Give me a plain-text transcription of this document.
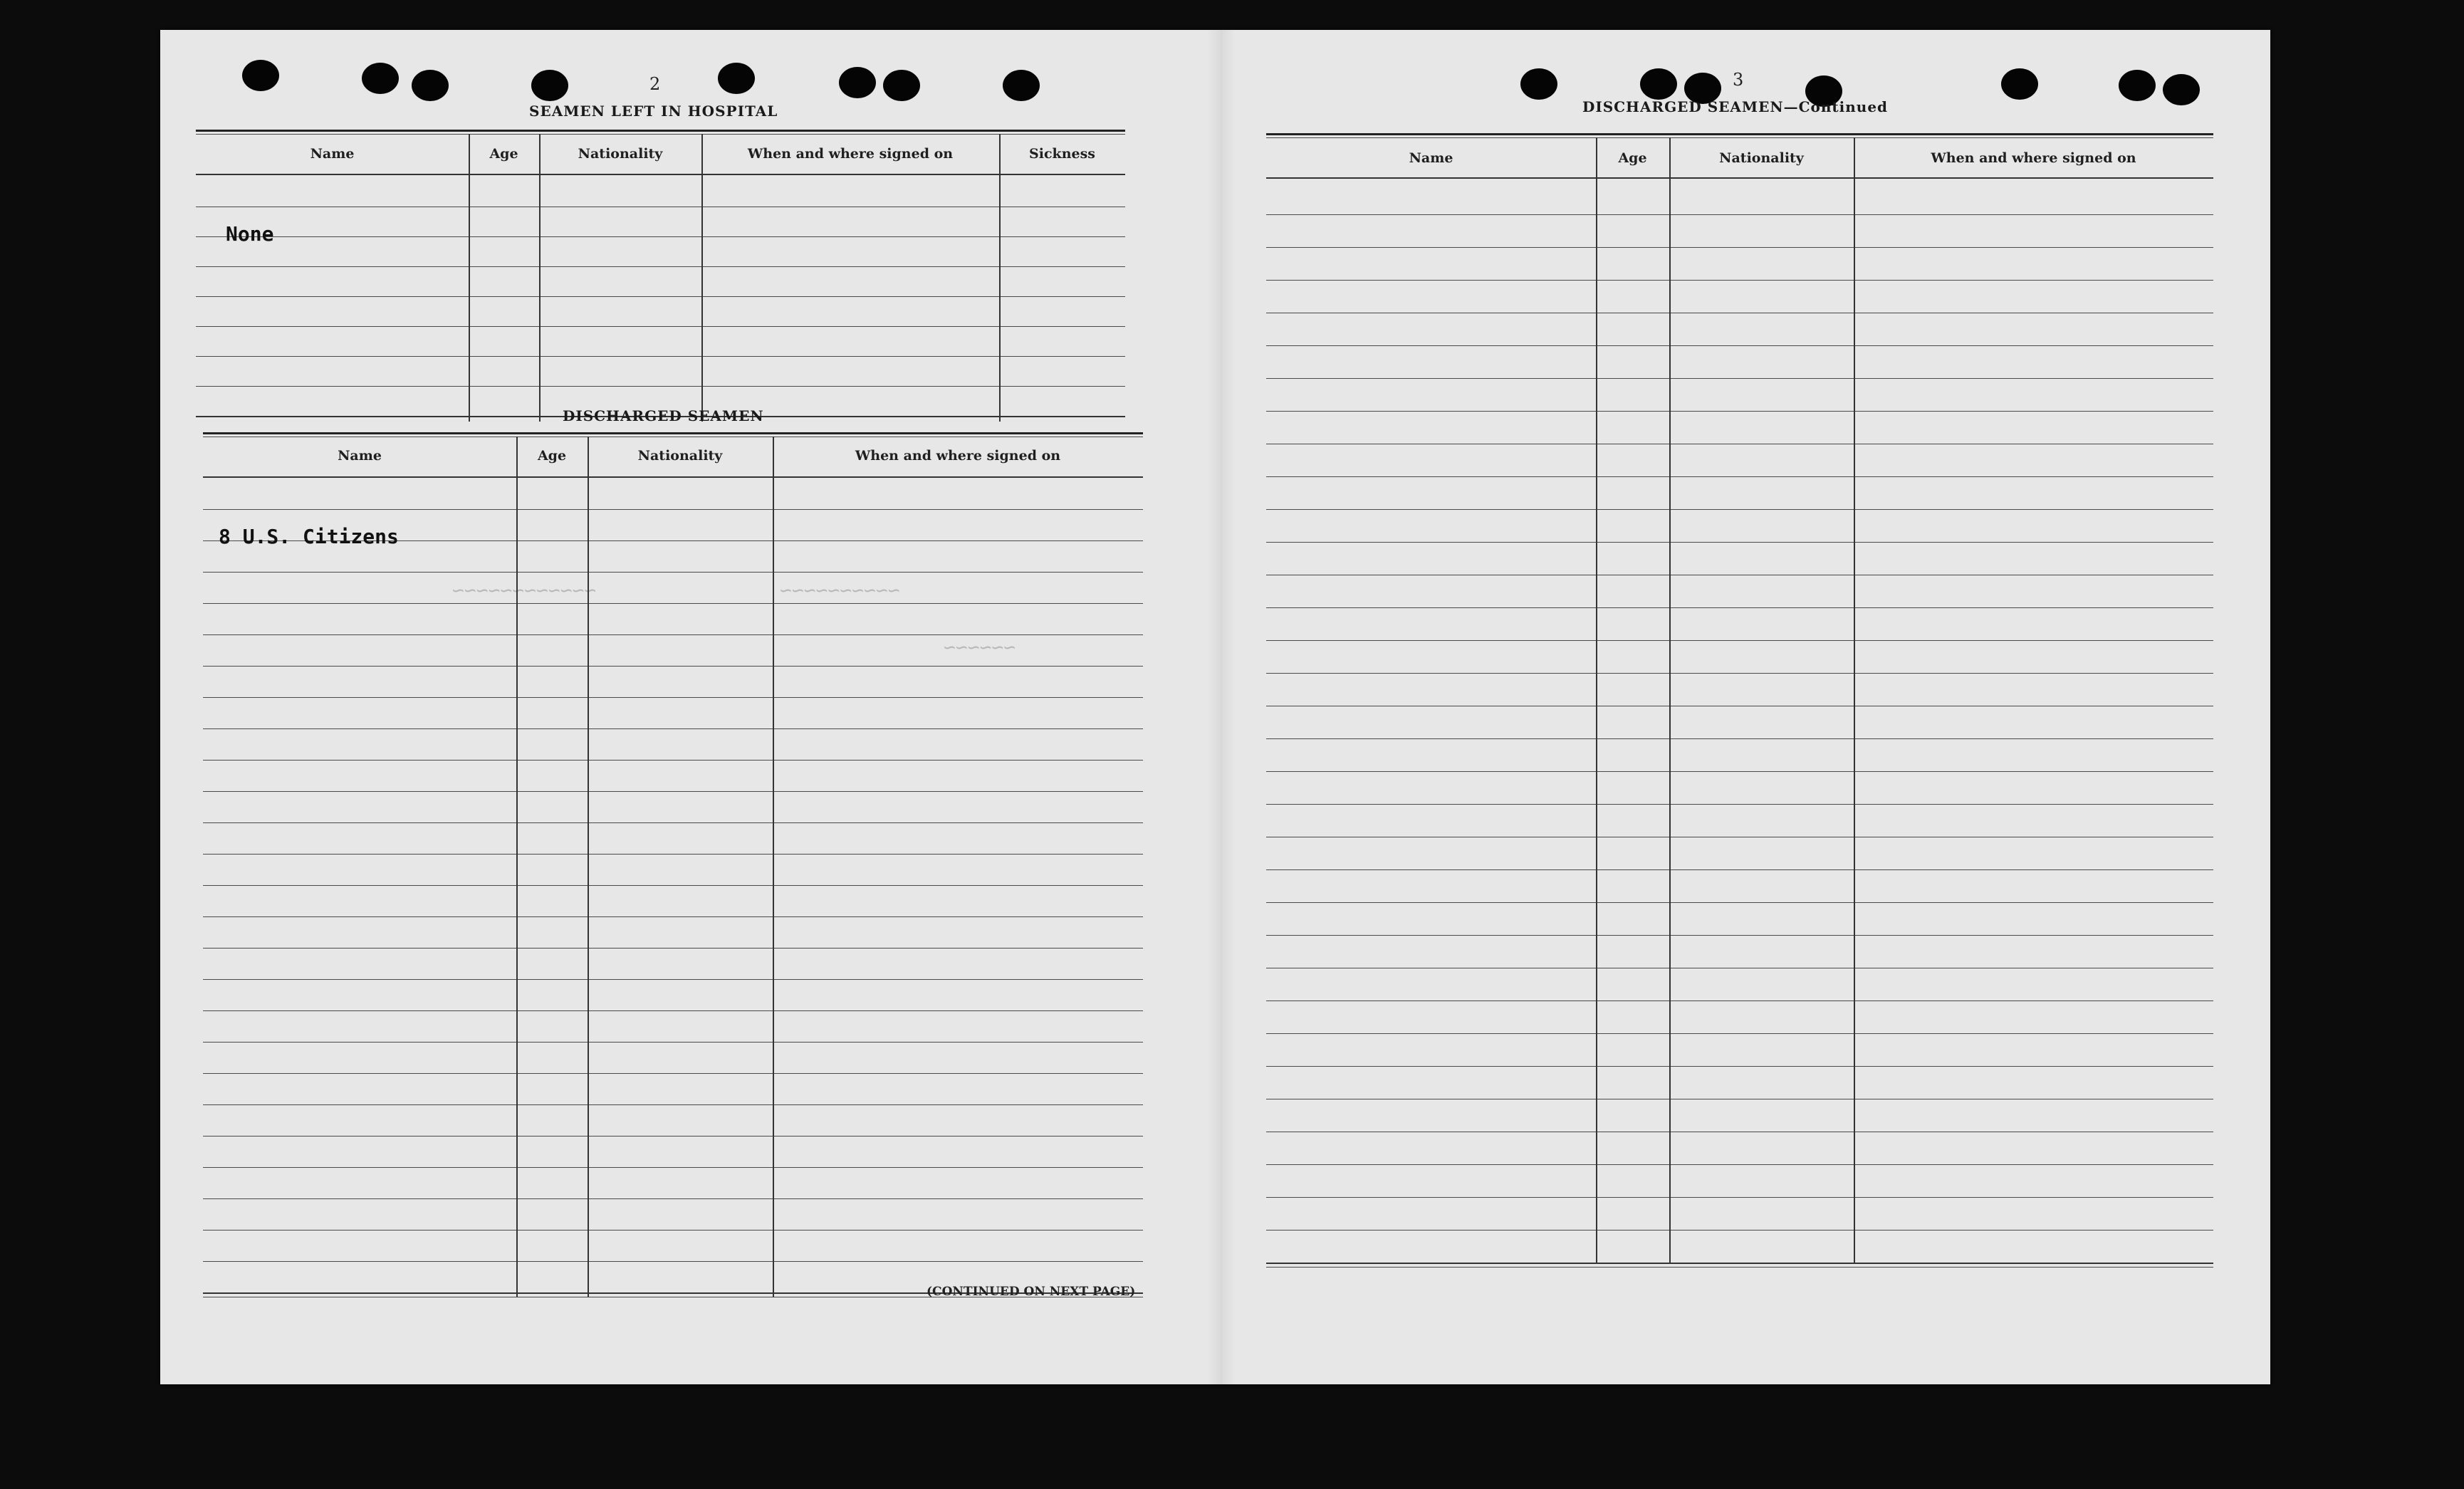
~~~~~~~~~~~~	~~~~~~~~~~
~~~~~~
2
SEAMEN LEFT IN HOSPITAL
Name	Age	Nationality	When and where signed on	Sickness
None
DISCHARGED SEAMEN
Name	Age	Nationality	When and where signed on
8 U.S. Citizens
(CONTINUED ON NEXT PAGE)
3
DISCHARGED SEAMEN—Continued
Name	Age	Nationality	When and where signed on
